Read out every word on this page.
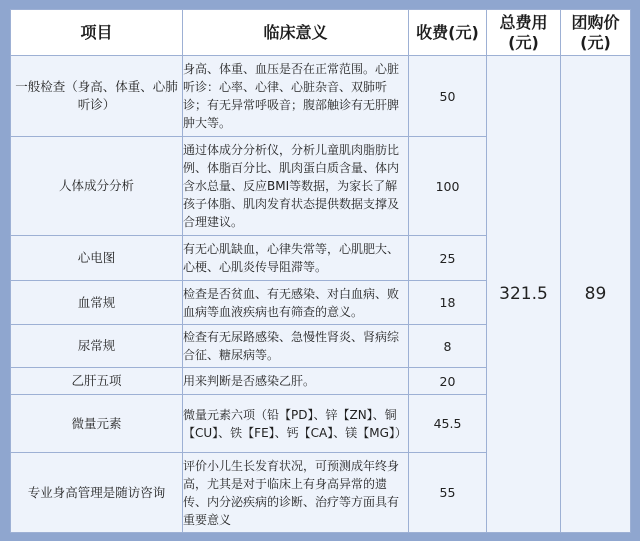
项目	临床意义	收费(元)	总费用(元)	团购价(元)
一般检查（身高、体重、心肺听诊）	身高、体重、血压是否在正常范围。心脏听诊：心率、心律、心脏杂音、双肺听诊；有无异常呼吸音；腹部触诊有无肝脾肿大等。	50	321.5	89
人体成分分析	通过体成分分析仪，分析儿童肌肉脂肪比例、体脂百分比、肌肉蛋白质含量、体内含水总量、反应BMI等数据，为家长了解孩子体脂、肌肉发育状态提供数据支撑及合理建议。	100		
心电图	有无心肌缺血，心律失常等，心肌肥大、心梗、心肌炎传导阻滞等。	25		
血常规	检查是否贫血、有无感染、对白血病、败血病等血液疾病也有筛查的意义。	18		
尿常规	检查有无尿路感染、急慢性肾炎、肾病综合征、糖尿病等。	8		
乙肝五项	用来判断是否感染乙肝。	20		
微量元素	微量元素六项（铅【PD】、锌【ZN】、铜【CU】、铁【FE】、钙【CA】、镁【MG】）	45.5		
专业身高管理是随访咨询	评价小儿生长发育状况，可预测成年终身高，尤其是对于临床上有身高异常的遗传、内分泌疾病的诊断、治疗等方面具有重要意义	55		
